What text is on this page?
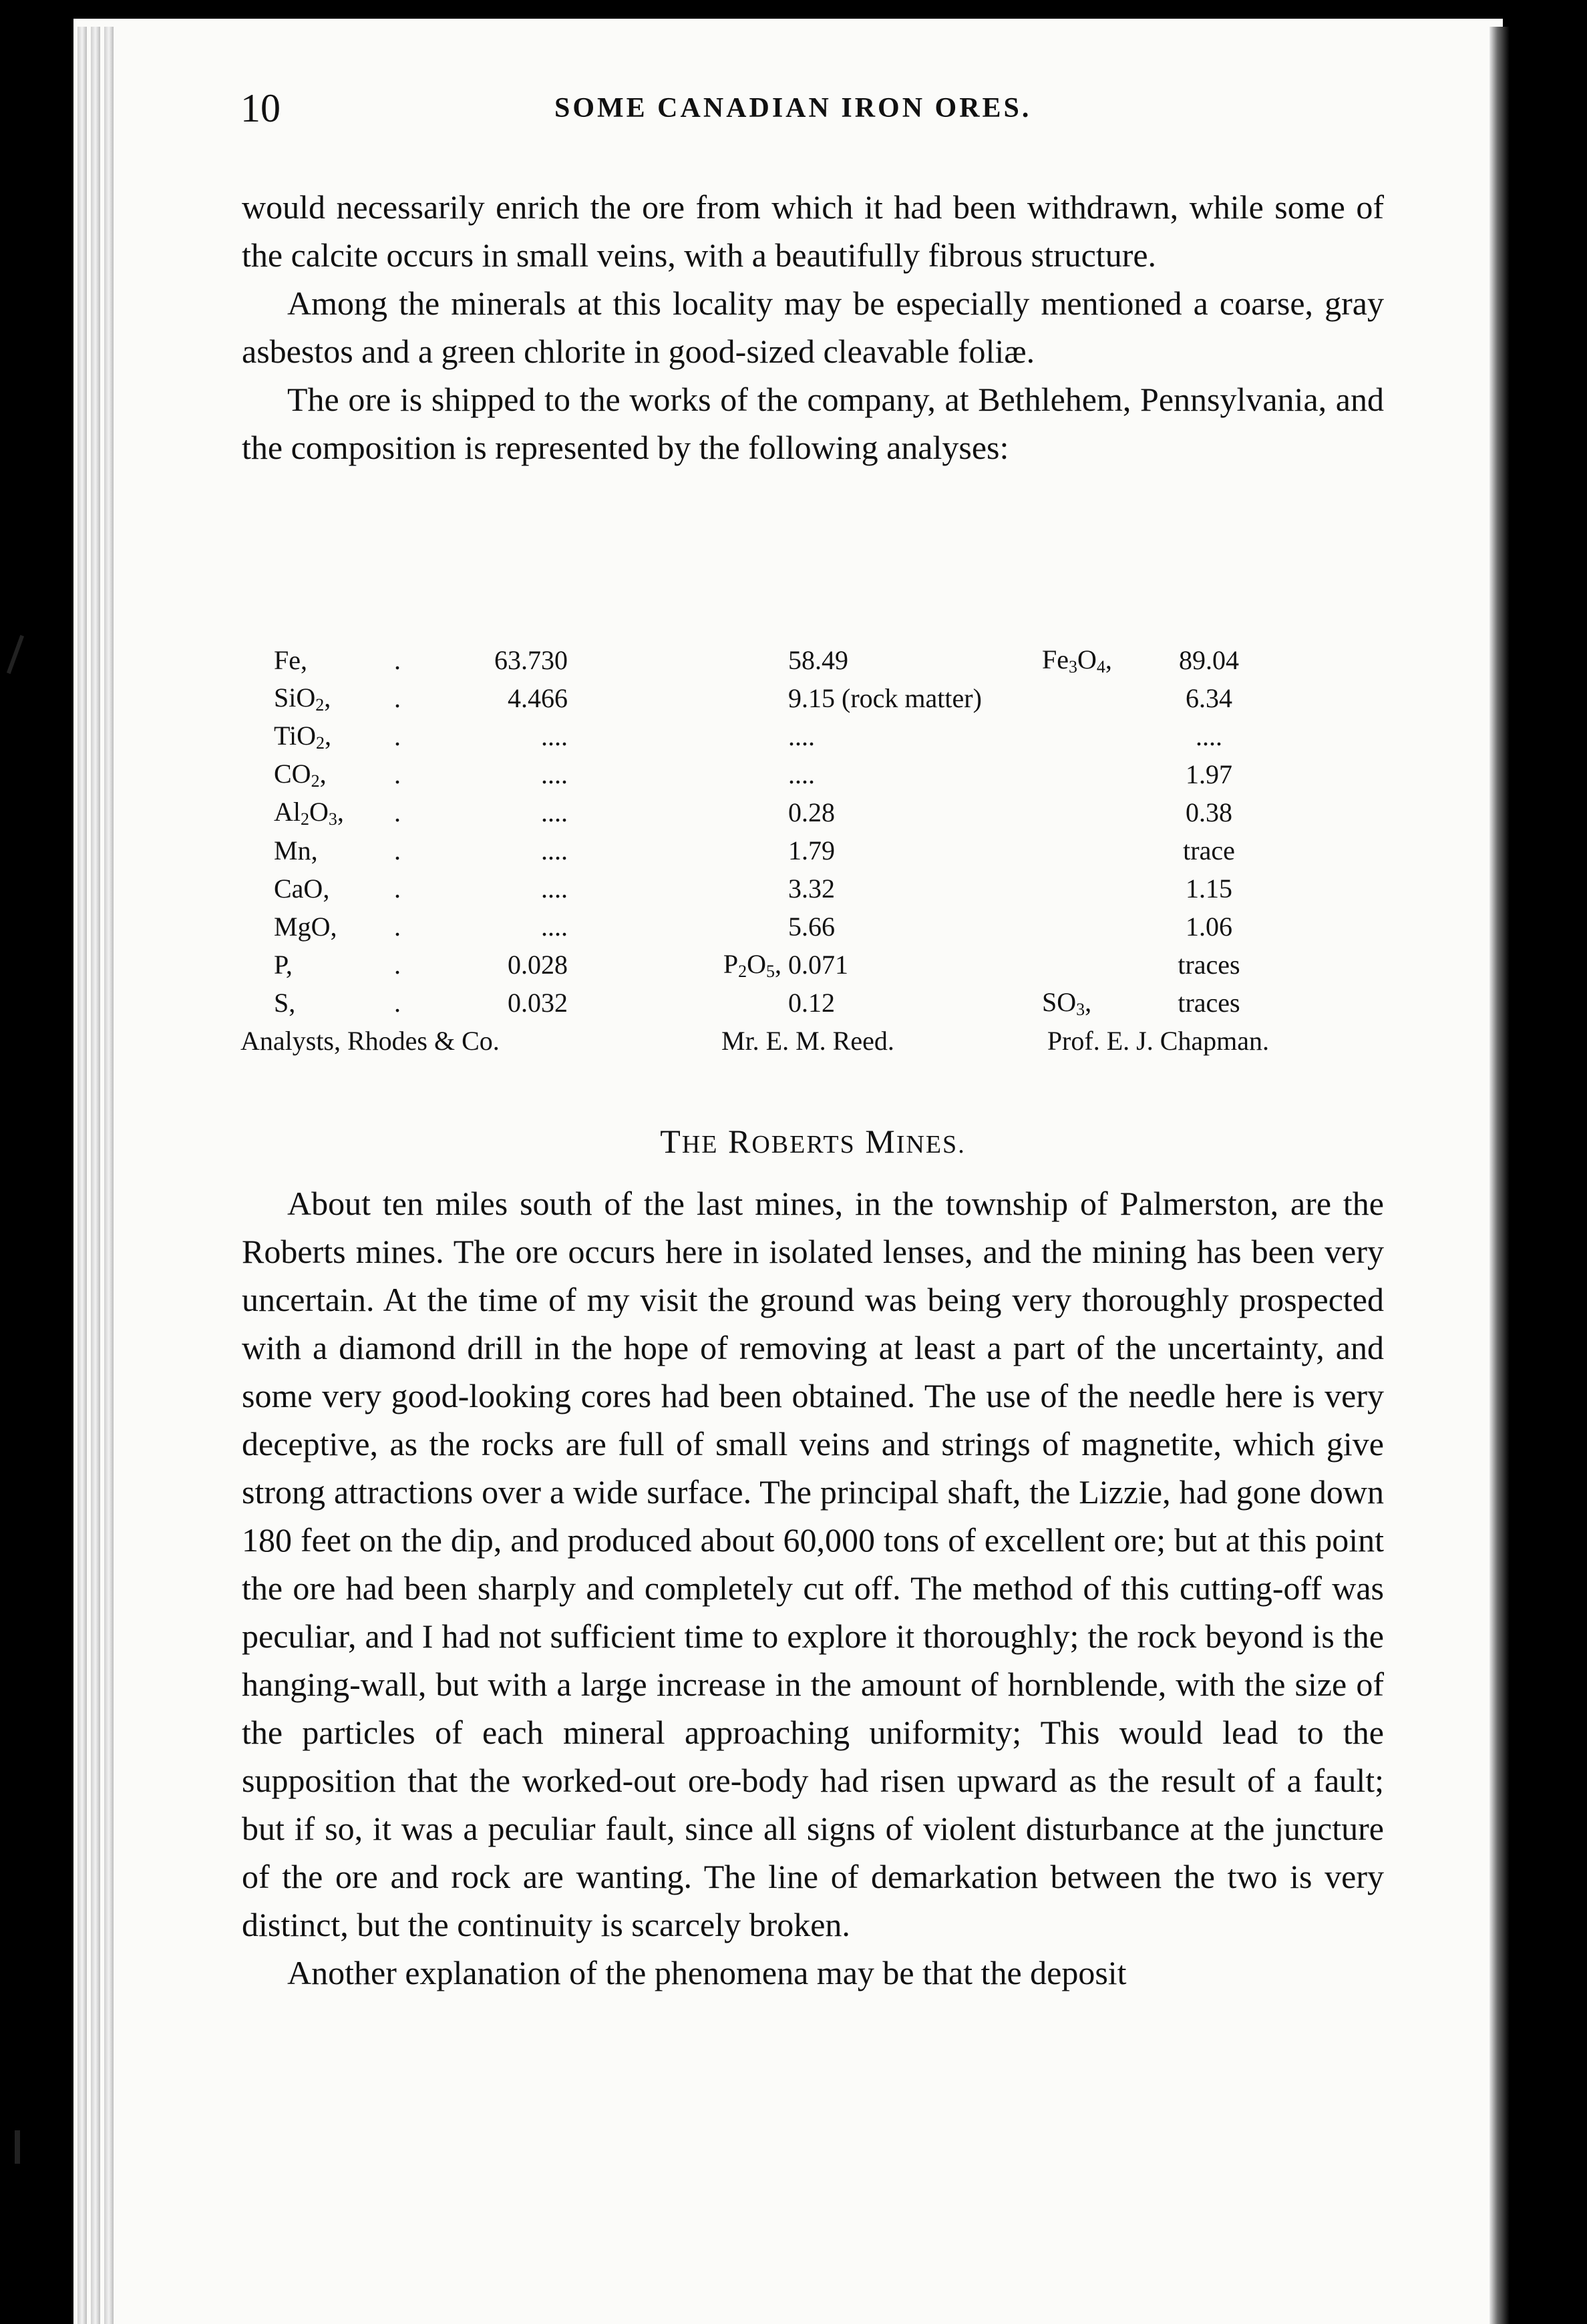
10	SOME CANADIAN IRON ORES.

would necessarily enrich the ore from which it had been withdrawn, while some of the calcite occurs in small veins, with a beautifully fibrous structure.

Among the minerals at this locality may be especially mentioned a coarse, gray asbestos and a green chlorite in good-sized cleavable foliæ.

The ore is shipped to the works of the company, at Bethlehem, Pennsylvania, and the composition is represented by the following analyses:

Fe,	.	63.730		58.49	$Fe_3O_4$,	89.04
SiO$_2$,	.	4.466		9.15 (rock matter)		6.34
TiO$_2$,	.	....		....		....
$CO_2$,	.	....		....		1.97
$Al_2O_3$,	.	....		0.28		0.38
Mn,	.	....		1.79		trace
CaO,	.	....		3.32		1.15
MgO,	.	....		5.66		1.06
P,	.	0.028	$P_2O_5$,	0.071		traces
S,	.	0.032		0.12	$SO_3$,	traces
Analysts, Rhodes & Co.	Mr. E. M. Reed.	Prof. E. J. Chapman.
THE ROBERTS MINES.

About ten miles south of the last mines, in the township of Palmerston, are the Roberts mines. The ore occurs here in isolated lenses, and the mining has been very uncertain. At the time of my visit the ground was being very thoroughly prospected with a diamond drill in the hope of removing at least a part of the uncertainty, and some very good-looking cores had been obtained. The use of the needle here is very deceptive, as the rocks are full of small veins and strings of magnetite, which give strong attractions over a wide surface. The principal shaft, the Lizzie, had gone down 180 feet on the dip, and produced about 60,000 tons of excellent ore; but at this point the ore had been sharply and completely cut off. The method of this cutting-off was peculiar, and I had not sufficient time to explore it thoroughly; the rock beyond is the hanging-wall, but with a large increase in the amount of hornblende, with the size of the particles of each mineral approaching uniformity; This would lead to the supposition that the worked-out ore-body had risen upward as the result of a fault; but if so, it was a peculiar fault, since all signs of violent disturbance at the juncture of the ore and rock are wanting. The line of demarkation between the two is very distinct, but the continuity is scarcely broken.

Another explanation of the phenomena may be that the deposit
